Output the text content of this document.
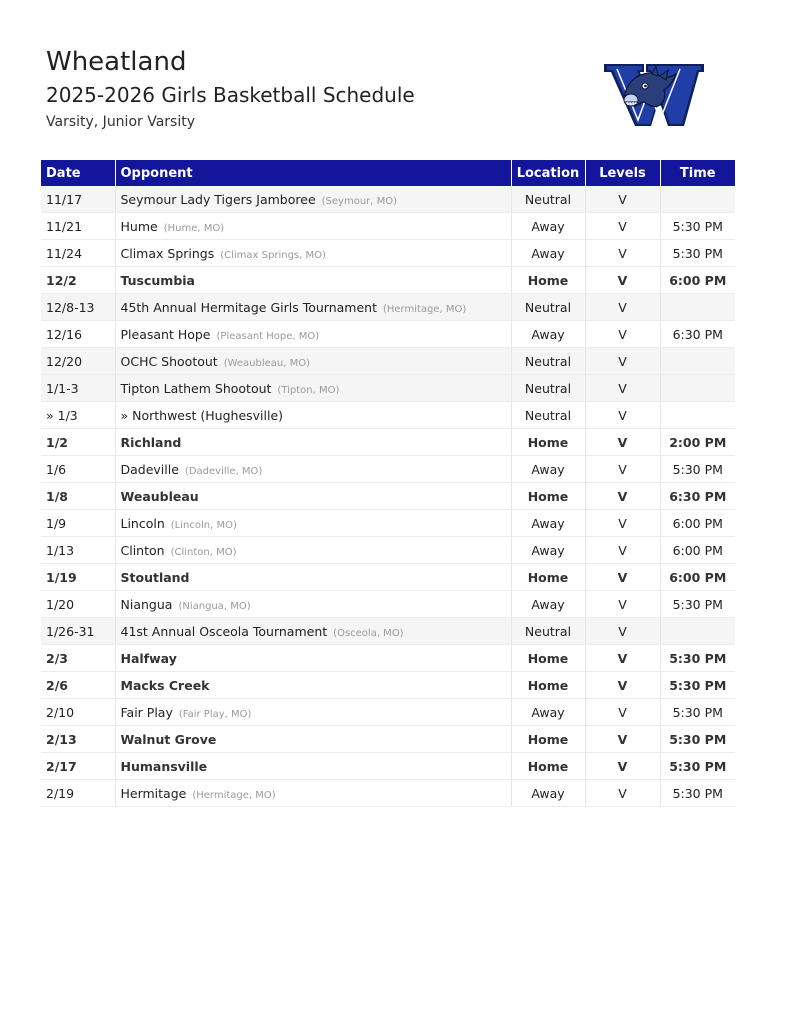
Wheatland
2025-2026 Girls Basketball Schedule
Varsity, Junior Varsity
Date	Opponent	Location	Levels	Time
11/17	Seymour Lady Tigers Jamboree (Seymour, MO)	Neutral	V	
11/21	Hume (Hume, MO)	Away	V	5:30 PM
11/24	Climax Springs (Climax Springs, MO)	Away	V	5:30 PM
12/2	Tuscumbia	Home	V	6:00 PM
12/8-13	45th Annual Hermitage Girls Tournament (Hermitage, MO)	Neutral	V	
12/16	Pleasant Hope (Pleasant Hope, MO)	Away	V	6:30 PM
12/20	OCHC Shootout (Weaubleau, MO)	Neutral	V	
1/1-3	Tipton Lathem Shootout (Tipton, MO)	Neutral	V	
» 1/3	» Northwest (Hughesville)	Neutral	V	
1/2	Richland	Home	V	2:00 PM
1/6	Dadeville (Dadeville, MO)	Away	V	5:30 PM
1/8	Weaubleau	Home	V	6:30 PM
1/9	Lincoln (Lincoln, MO)	Away	V	6:00 PM
1/13	Clinton (Clinton, MO)	Away	V	6:00 PM
1/19	Stoutland	Home	V	6:00 PM
1/20	Niangua (Niangua, MO)	Away	V	5:30 PM
1/26-31	41st Annual Osceola Tournament (Osceola, MO)	Neutral	V	
2/3	Halfway	Home	V	5:30 PM
2/6	Macks Creek	Home	V	5:30 PM
2/10	Fair Play (Fair Play, MO)	Away	V	5:30 PM
2/13	Walnut Grove	Home	V	5:30 PM
2/17	Humansville	Home	V	5:30 PM
2/19	Hermitage (Hermitage, MO)	Away	V	5:30 PM
